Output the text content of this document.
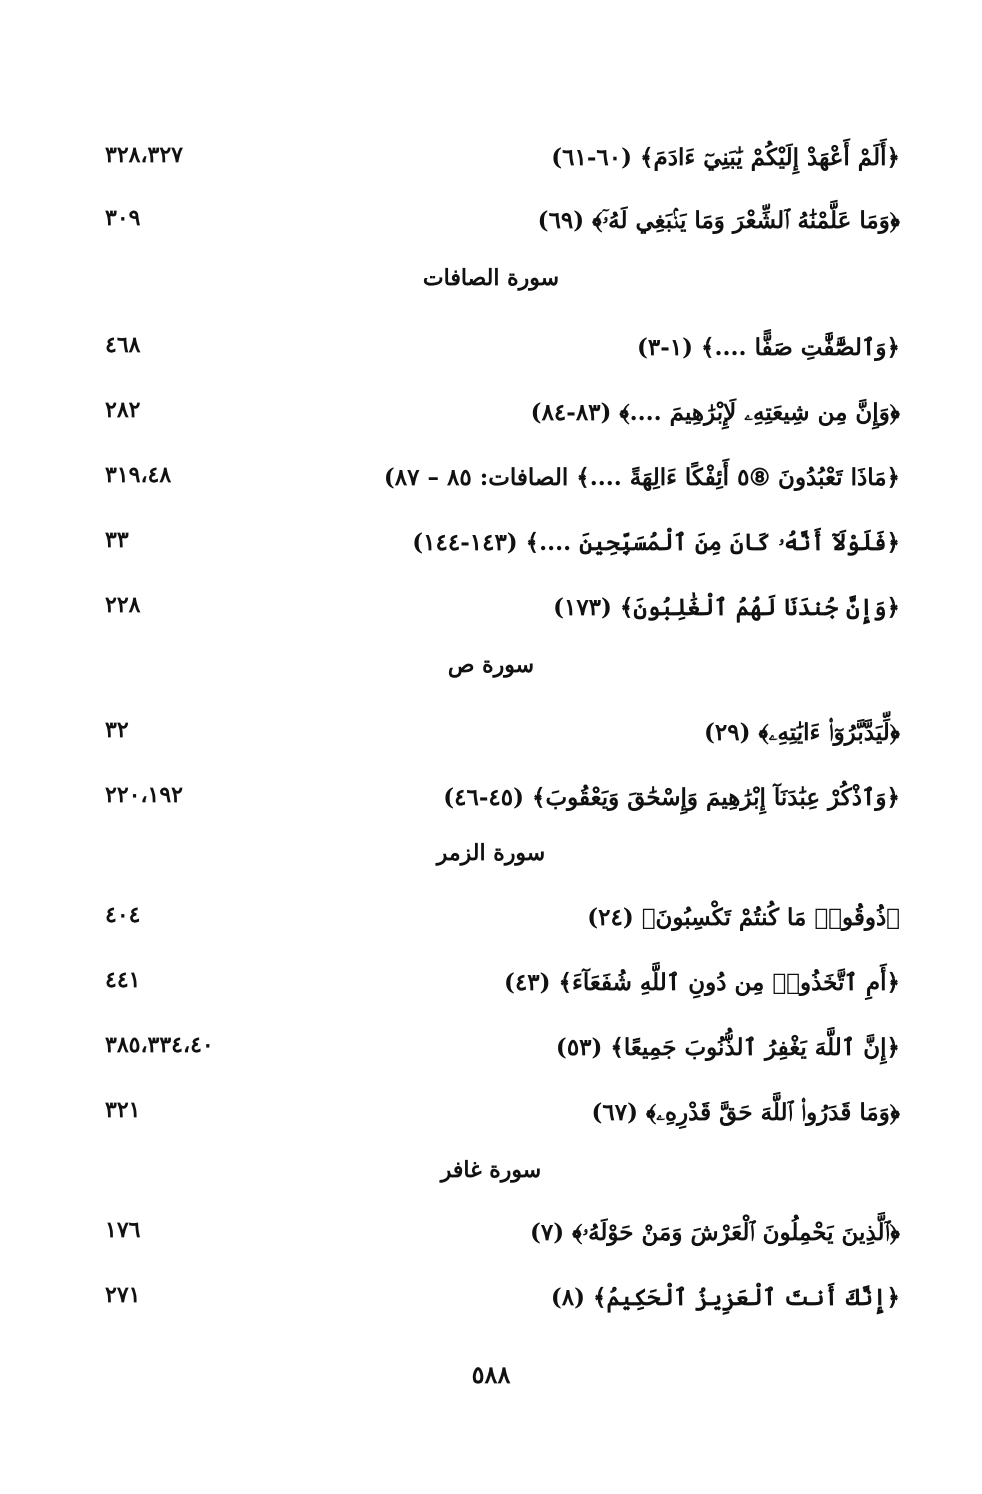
﴿أَلَمْ أَعْهَدْ إِلَيْكُمْ يَٰبَنِيٓ ءَادَمَ﴾ (٦٠-٦١)
٣٢٨،٣٢٧
﴿وَمَا عَلَّمْنَٰهُ ٱلشِّعْرَ وَمَا يَنۢبَغِي لَهُۥٓ﴾ (٦٩)
٣٠٩
سورة الصافات
﴿وَٱلصَّٰٓفَّٰتِ صَفًّا ....﴾ (١-٣)
٤٦٨
﴿وَإِنَّ مِن شِيعَتِهِۦ لَإِبْرَٰهِيمَ ....﴾ (٨٣-٨٤)
٢٨٢
﴿مَاذَا تَعْبُدُونَ ⑧٥ أَئِفْكًا ءَالِهَةً ....﴾ الصافات: ٨٥ – ٨٧)
٣١٩،٤٨
﴿فَلَوْلَآ أَنَّهُۥ كَانَ مِنَ ٱلْمُسَبِّحِينَ ....﴾ (١٤٣-١٤٤)
٣٣
﴿وَإِنَّ جُندَنَا لَهُمُ ٱلْغَٰلِبُونَ﴾ (١٧٣)
٢٢٨
سورة ص
﴿لِّيَدَّبَّرُوٓا۟ ءَايَٰتِهِۦ﴾ (٢٩)
٣٢
﴿وَٱذْكُرْ عِبَٰدَنَآ إِبْرَٰهِيمَ وَإِسْحَٰقَ وَيَعْقُوبَ﴾ (٤٥-٤٦)
٢٢٠،١٩٢
سورة الزمر
﴿ذُوقُوا۟ مَا كُنتُمْ تَكْسِبُونَ﴾ (٢٤)
٤٠٤
﴿أَمِ ٱتَّخَذُوا۟ مِن دُونِ ٱللَّهِ شُفَعَآءَ﴾ (٤٣)
٤٤١
﴿إِنَّ ٱللَّهَ يَغْفِرُ ٱلذُّنُوبَ جَمِيعًا﴾ (٥٣)
٣٨٥،٣٣٤،٤٠
﴿وَمَا قَدَرُوا۟ ٱللَّهَ حَقَّ قَدْرِهِۦ﴾ (٦٧)
٣٢١
سورة غافر
﴿ٱلَّذِينَ يَحْمِلُونَ ٱلْعَرْشَ وَمَنْ حَوْلَهُۥ﴾ (٧)
١٧٦
﴿إِنَّكَ أَنتَ ٱلْعَزِيزُ ٱلْحَكِيمُ﴾ (٨)
٢٧١
٥٨٨
